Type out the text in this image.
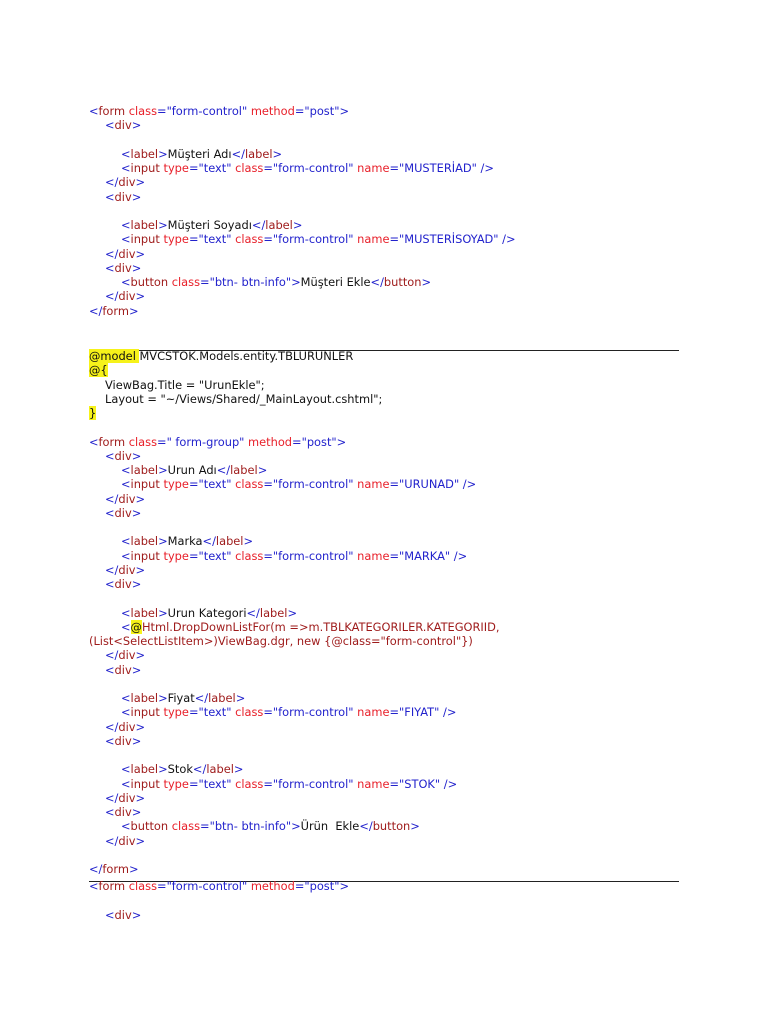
<form class="form-control" method="post">
<div>

<label>Müşteri Adı</label>
<input type="text" class="form-control" name="MUSTERİAD" />
</div>
<div>

<label>Müşteri Soyadı</label>
<input type="text" class="form-control" name="MUSTERİSOYAD" />
</div>
<div>
<button class="btn- btn-info">Müşteri Ekle</button>
</div>
</form>
@model MVCSTOK.Models.entity.TBLURUNLER
@{
ViewBag.Title = "UrunEkle";
Layout = "~/Views/Shared/_MainLayout.cshtml";
}

<form class=" form-group" method="post">
<div>
<label>Urun Adı</label>
<input type="text" class="form-control" name="URUNAD" />
</div>
<div>

<label>Marka</label>
<input type="text" class="form-control" name="MARKA" />
</div>
<div>

<label>Urun Kategori</label>
<@Html.DropDownListFor(m =>m.TBLKATEGORILER.KATEGORIID,
(List<SelectListItem>)ViewBag.dgr, new {@class="form-control"})
</div>
<div>

<label>Fiyat</label>
<input type="text" class="form-control" name="FIYAT" />
</div>
<div>

<label>Stok</label>
<input type="text" class="form-control" name="STOK" />
</div>
<div>
<button class="btn- btn-info">Ürün  Ekle</button>
</div>

</form>
<form class="form-control" method="post">

<div>
